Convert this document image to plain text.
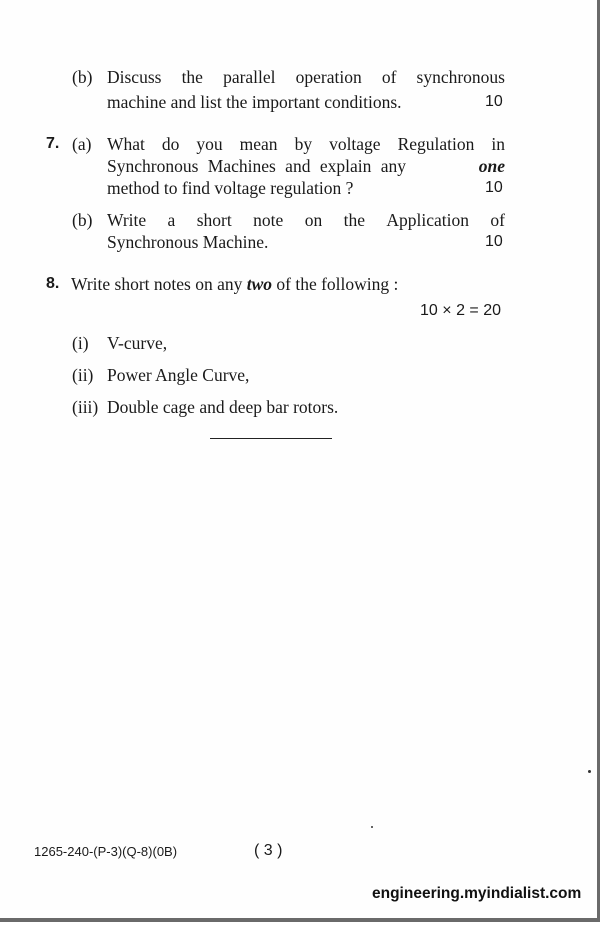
(b) Discuss the parallel operation of synchronous
machine and list the important conditions.	10
7. (a) What do you mean by voltage Regulation in
Synchronous Machines and explain any	one
method to find voltage regulation ?	10
(b) Write a short note on the Application of
Synchronous Machine.	10
8. Write short notes on any two of the following :
10 × 2 = 20
(i) V-curve,
(ii) Power Angle Curve,
(iii) Double cage and deep bar rotors.
1265-240-(P-3)(Q-8)(0B)	( 3 )
engineering.myindialist.com
